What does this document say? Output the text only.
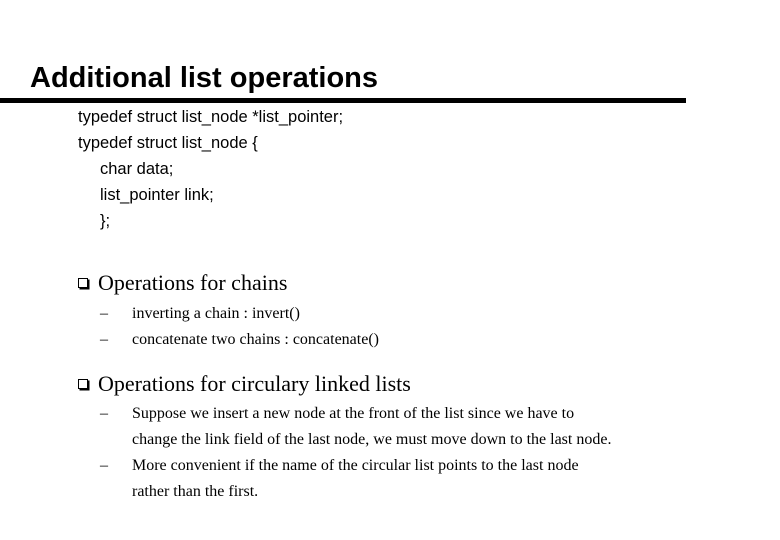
Additional list operations
typedef struct list_node *list_pointer;
typedef struct list_node {
char data;
list_pointer link;
};
Operations for chains
–	inverting a chain : invert()
–	concatenate two chains : concatenate()
Operations for circulary linked lists
–	Suppose we insert a new node at the front of the list since we have to change the link field of the last node, we must move down to the last node.
–	More convenient if the name of the circular list points to the last node rather than the first.
